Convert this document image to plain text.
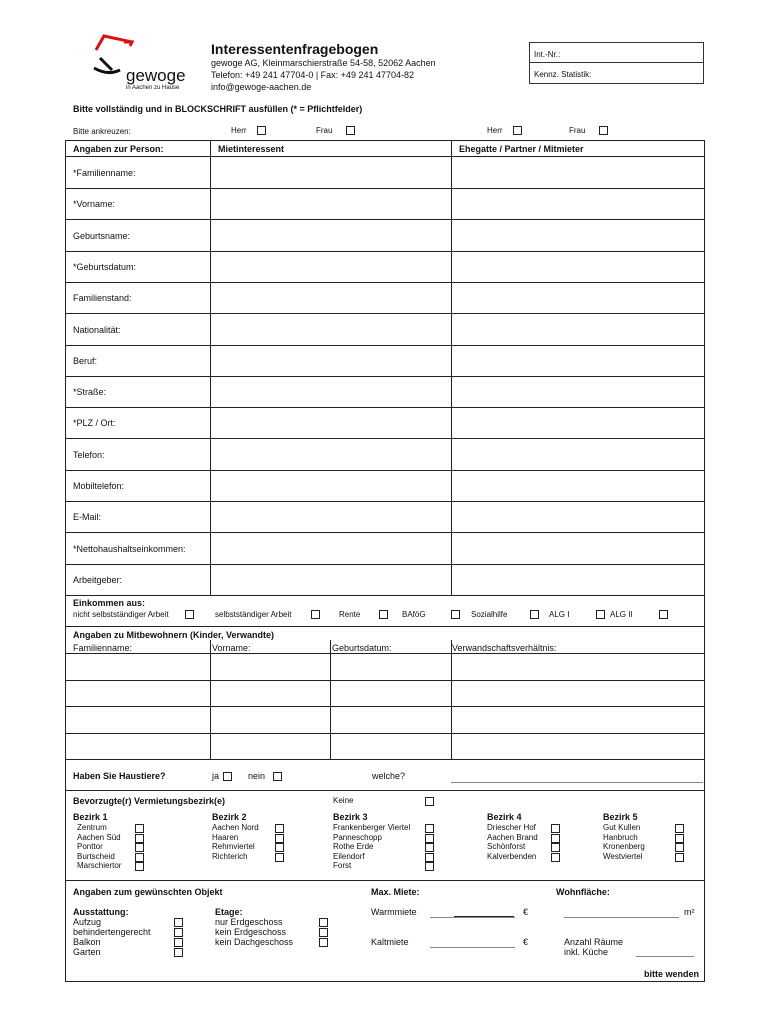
gewoge
in Aachen zu Hause
Interessentenfragebogen
gewoge AG, Kleinmarschierstraße 54-58, 52062 Aachen
Telefon: +49 241 47704-0 | Fax: +49 241 47704-82
info@gewoge-aachen.de
Int.-Nr.:
Kennz. Statistik:
Bitte vollständig und in BLOCKSCHRIFT ausfüllen (* = Pflichtfelder)
Bitte ankreuzen:	Herr	Frau	Herr	Frau
Angaben zur Person:	Mietinteressent	Ehegatte / Partner / Mitmieter
*Familienname:
*Vorname:
Geburtsname:
*Geburtsdatum:
Familienstand:
Nationalität:
Beruf:
*Straße:
*PLZ / Ort:
Telefon:
Mobiltelefon:
E-Mail:
*Nettohaushaltseinkommen:
Arbeitgeber:
Einkommen aus:
nicht selbstständiger Arbeit	selbstständiger Arbeit	Rente	BAföG	Sozialhilfe	ALG I	ALG II
Angaben zu Mitbewohnern (Kinder, Verwandte)
Familienname:	Vorname:	Geburtsdatum:	Verwandschaftsverhältnis:
Haben Sie Haustiere?	ja	nein	welche?
Bevorzugte(r) Vermietungsbezirk(e)	Keine
Bezirk 1
Zentrum
Aachen Süd
Ponttor
Burtscheid
Marschiertor
Bezirk 2
Aachen Nord
Haaren
Rehmviertel
Richterich
Bezirk 3
Frankenberger Viertel
Panneschopp
Rothe Erde
Eilendorf
Forst
Bezirk 4
Driescher Hof
Aachen Brand
Schönforst
Kalverbenden
Bezirk 5
Gut Kullen
Hanbruch
Kronenberg
Westviertel
Angaben zum gewünschten Objekt	Max. Miete:	Wohnfläche:
Ausstattung:
Aufzug
behindertengerecht
Balkon
Garten
Etage:
nur Erdgeschoss
kein Erdgeschoss
kein Dachgeschoss
Warmmiete	€	m²
Kaltmiete	€	Anzahl Räume
inkl. Küche
bitte wenden
